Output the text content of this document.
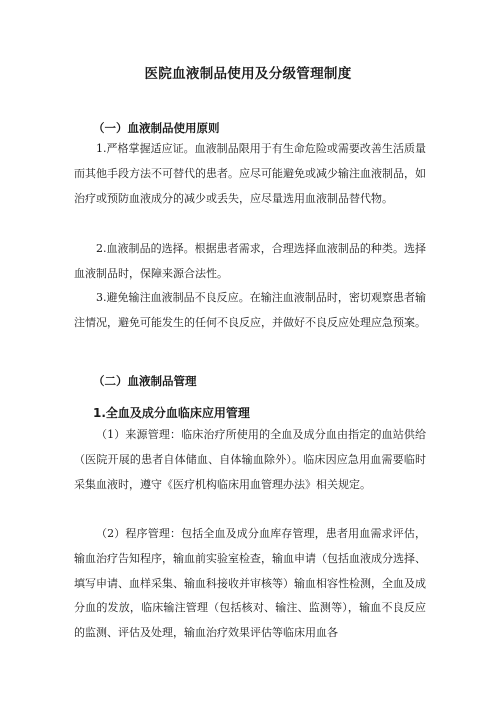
医院血液制品使用及分级管理制度
（一）血液制品使用原则
1.严格掌握适应证。血液制品限用于有生命危险或需要改善生活质量而其他手段方法不可替代的患者。应尽可能避免或减少输注血液制品，如治疗或预防血液成分的减少或丢失，应尽量选用血液制品替代物。
2.血液制品的选择。根据患者需求，合理选择血液制品的种类。选择血液制品时，保障来源合法性。
3.避免输注血液制品不良反应。在输注血液制品时，密切观察患者输注情况，避免可能发生的任何不良反应，并做好不良反应处理应急预案。
（二）血液制品管理
1.全血及成分血临床应用管理
（1）来源管理：临床治疗所使用的全血及成分血由指定的血站供给（医院开展的患者自体储血、自体输血除外）。临床因应急用血需要临时采集血液时，遵守《医疗机构临床用血管理办法》相关规定。
（2）程序管理：包括全血及成分血库存管理，患者用血需求评估，输血治疗告知程序，输血前实验室检查，输血申请（包括血液成分选择、填写申请、血样采集、输血科接收并审核等）输血相容性检测，全血及成分血的发放，临床输注管理（包括核对、输注、监测等），输血不良反应的监测、评估及处理，输血治疗效果评估等临床用血各
